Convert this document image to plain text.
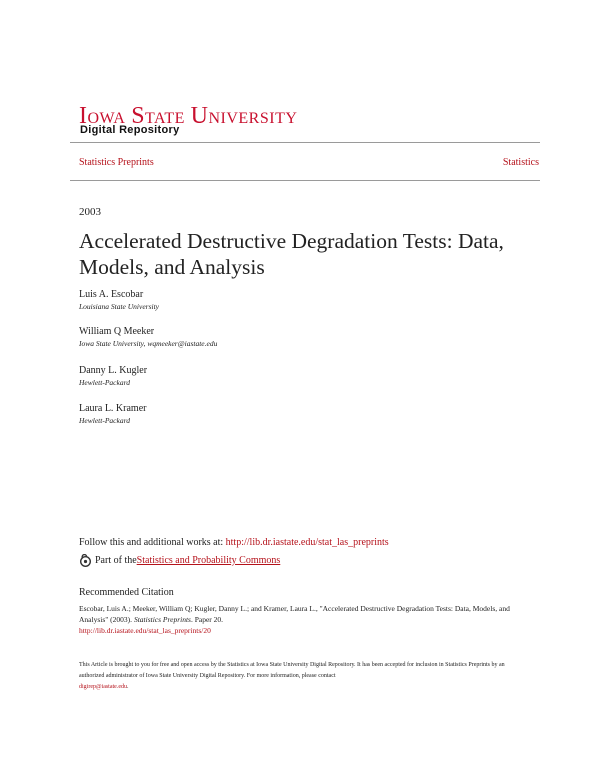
IOWA STATE UNIVERSITY
Digital Repository
Statistics Preprints	Statistics
2003
Accelerated Destructive Degradation Tests: Data, Models, and Analysis
Luis A. Escobar
Louisiana State University
William Q Meeker
Iowa State University, wqmeeker@iastate.edu
Danny L. Kugler
Hewlett-Packard
Laura L. Kramer
Hewlett-Packard
Follow this and additional works at: http://lib.dr.iastate.edu/stat_las_preprints
Part of the Statistics and Probability Commons
Recommended Citation
Escobar, Luis A.; Meeker, William Q; Kugler, Danny L.; and Kramer, Laura L., "Accelerated Destructive Degradation Tests: Data, Models, and Analysis" (2003). Statistics Preprints. Paper 20.
http://lib.dr.iastate.edu/stat_las_preprints/20
This Article is brought to you for free and open access by the Statistics at Iowa State University Digital Repository. It has been accepted for inclusion in Statistics Preprints by an authorized administrator of Iowa State University Digital Repository. For more information, please contact
digirep@iastate.edu.
